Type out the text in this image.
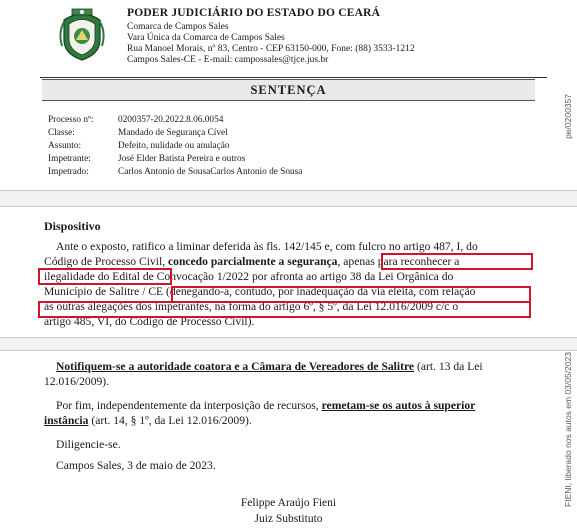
PODER JUDICIÁRIO DO ESTADO DO CEARÁ
Comarca de Campos Sales
Vara Única da Comarca de Campos Sales
Rua Manoel Morais, nº 83, Centro - CEP 63150-000, Fone: (88) 3533-1212
Campos Sales-CE - E-mail: campossales@tjce.jus.br
SENTENÇA
Processo nº:	0200357-20.2022.8.06.0054
Classe:	Mandado de Segurança Cível
Assunto:	Defeito, nulidade ou anulação
Impetrante:	José Elder Batista Pereira e outros
Impetrado:	Carlos Antonio de SousaCarlos Antonio de Sousa
pe/0200357
Dispositivo
Ante o exposto, ratifico a liminar deferida às fls. 142/145 e, com fulcro no artigo 487, I, do
Código de Processo Civil, concedo parcialmente a segurança, apenas para reconhecer a
ilegalidade do Edital de Convocação 1/2022 por afronta ao artigo 38 da Lei Orgânica do
Município de Salitre / CE (denegando-a, contudo, por inadequação da via eleita, com relação
às outras alegações dos impetrantes, na forma do artigo 6º, § 5º, da Lei 12.016/2009 c/c o
artigo 485, VI, do Código de Processo Civil).
Notifiquem-se a autoridade coatora e a Câmara de Vereadores de Salitre (art. 13 da Lei
12.016/2009).
Por fim, independentemente da interposição de recursos, remetam-se os autos à superior
instância (art. 14, § 1º, da Lei 12.016/2009).
Diligencie-se.
Campos Sales, 3 de maio de 2023.
Felippe Araújo Fieni
Juiz Substituto
FIENI, liberado nos autos em 03/05/2023
